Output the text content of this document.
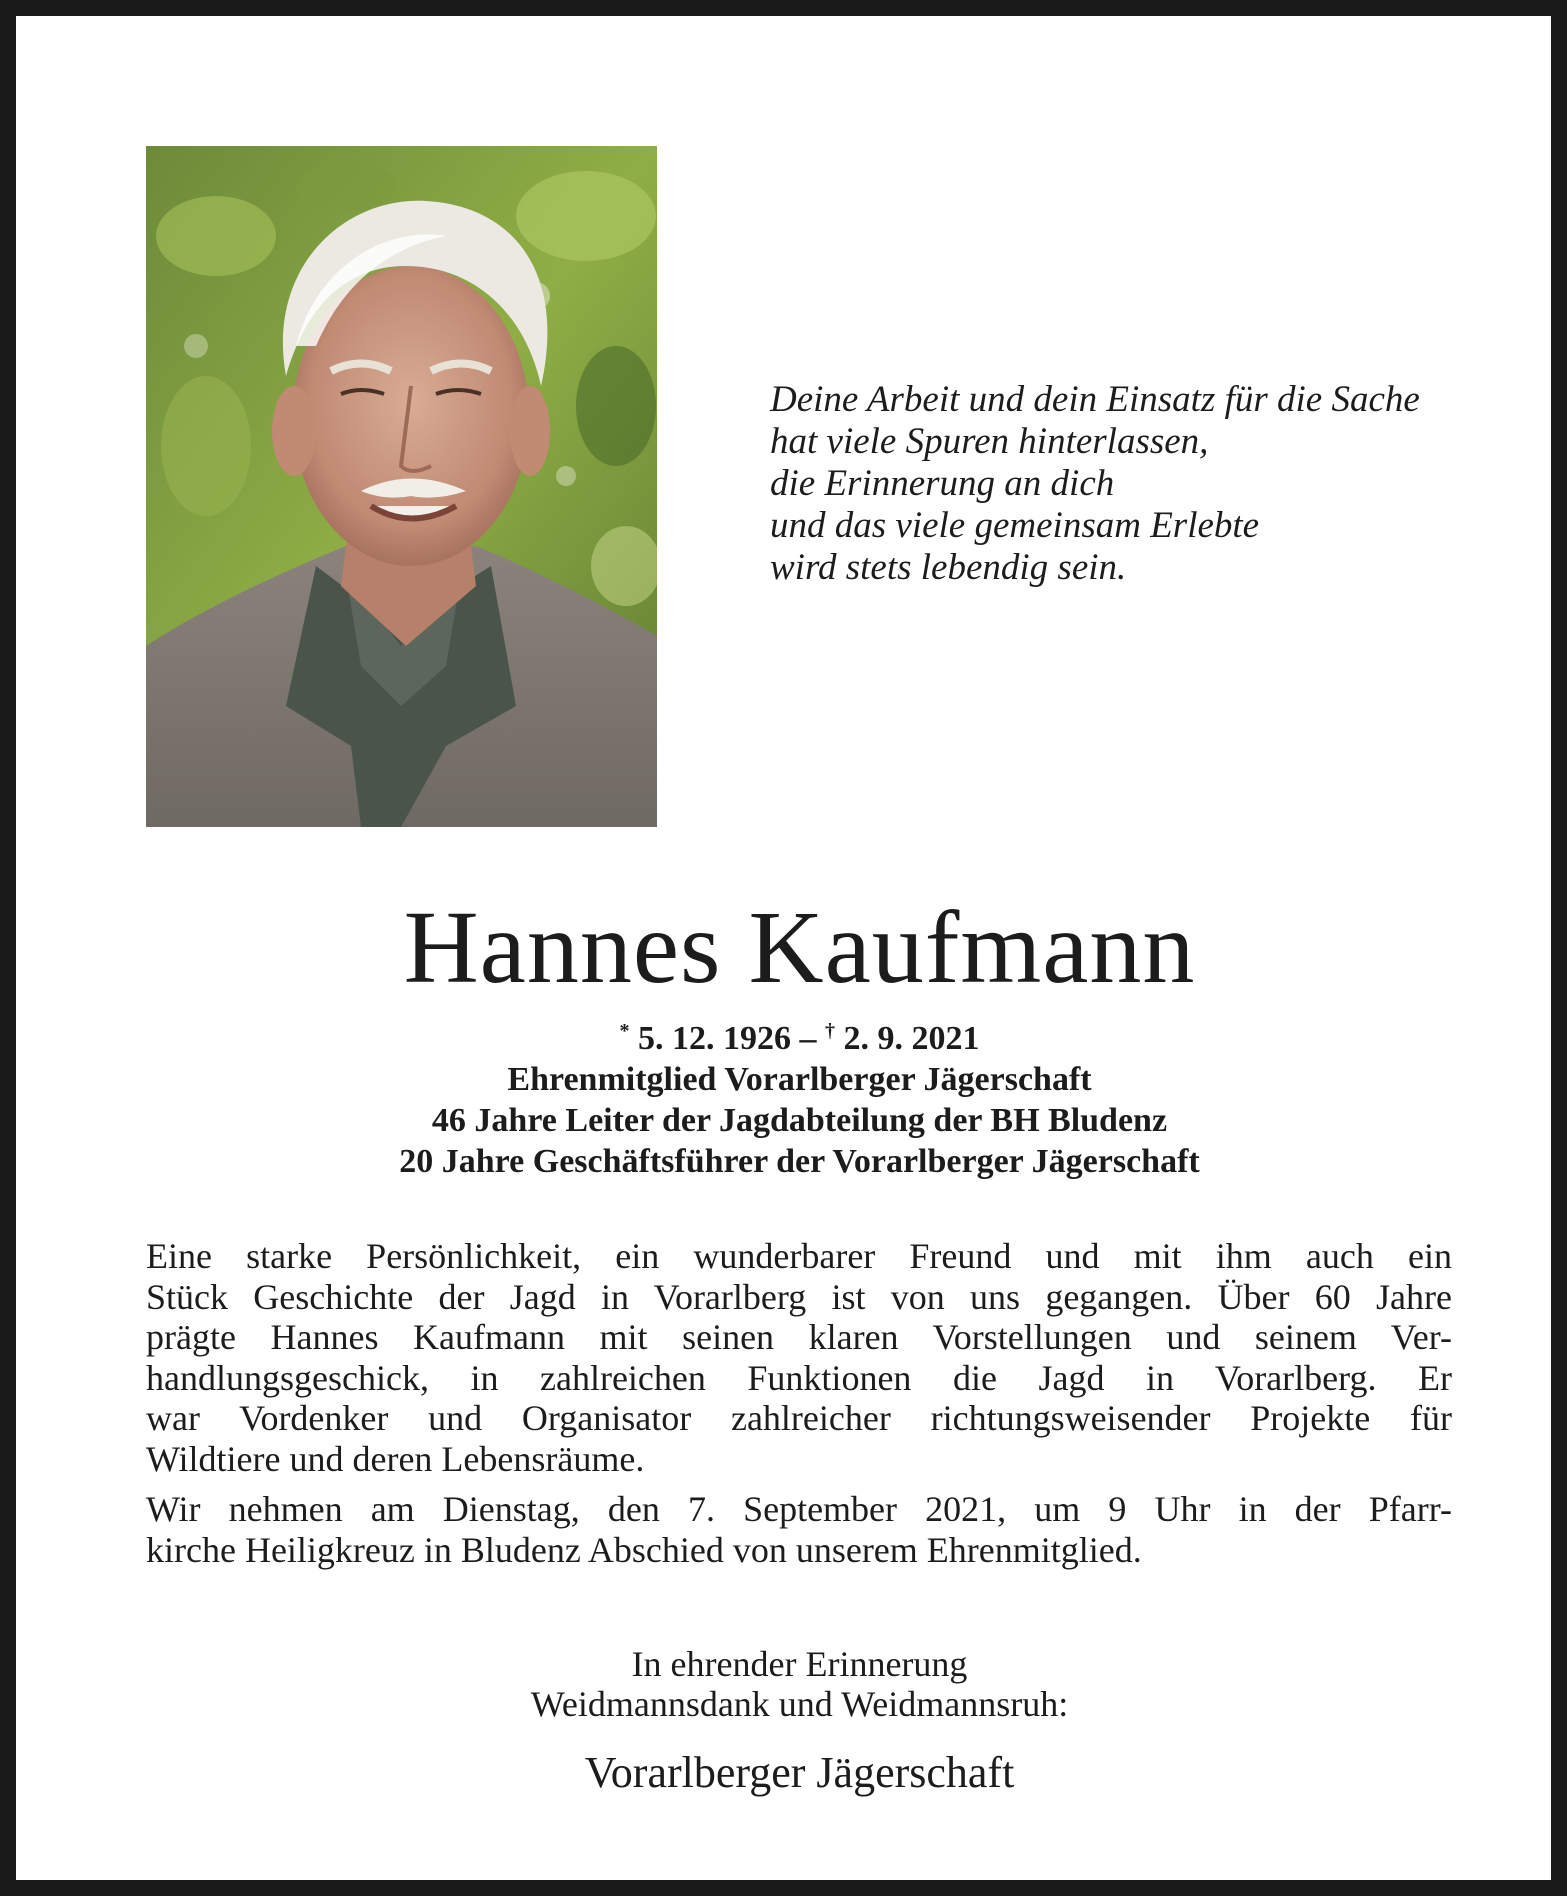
Deine Arbeit und dein Einsatz für die Sache
hat viele Spuren hinterlassen,
die Erinnerung an dich
und das viele gemeinsam Erlebte
wird stets lebendig sein.
Hannes Kaufmann
* 5. 12. 1926 – † 2. 9. 2021
Ehrenmitglied Vorarlberger Jägerschaft
46 Jahre Leiter der Jagdabteilung der BH Bludenz
20 Jahre Geschäftsführer der Vorarlberger Jägerschaft
Eine starke Persönlichkeit, ein wunderbarer Freund und mit ihm auch ein
Stück Geschichte der Jagd in Vorarlberg ist von uns gegangen. Über 60 Jahre
prägte Hannes Kaufmann mit seinen klaren Vorstellungen und seinem Ver-
handlungsgeschick, in zahlreichen Funktionen die Jagd in Vorarlberg. Er
war Vordenker und Organisator zahlreicher richtungsweisender Projekte für
Wildtiere und deren Lebensräume.
Wir nehmen am Dienstag, den 7. September 2021, um 9 Uhr in der Pfarr-
kirche Heiligkreuz in Bludenz Abschied von unserem Ehrenmitglied.
In ehrender Erinnerung
Weidmannsdank und Weidmannsruh:
Vorarlberger Jägerschaft
